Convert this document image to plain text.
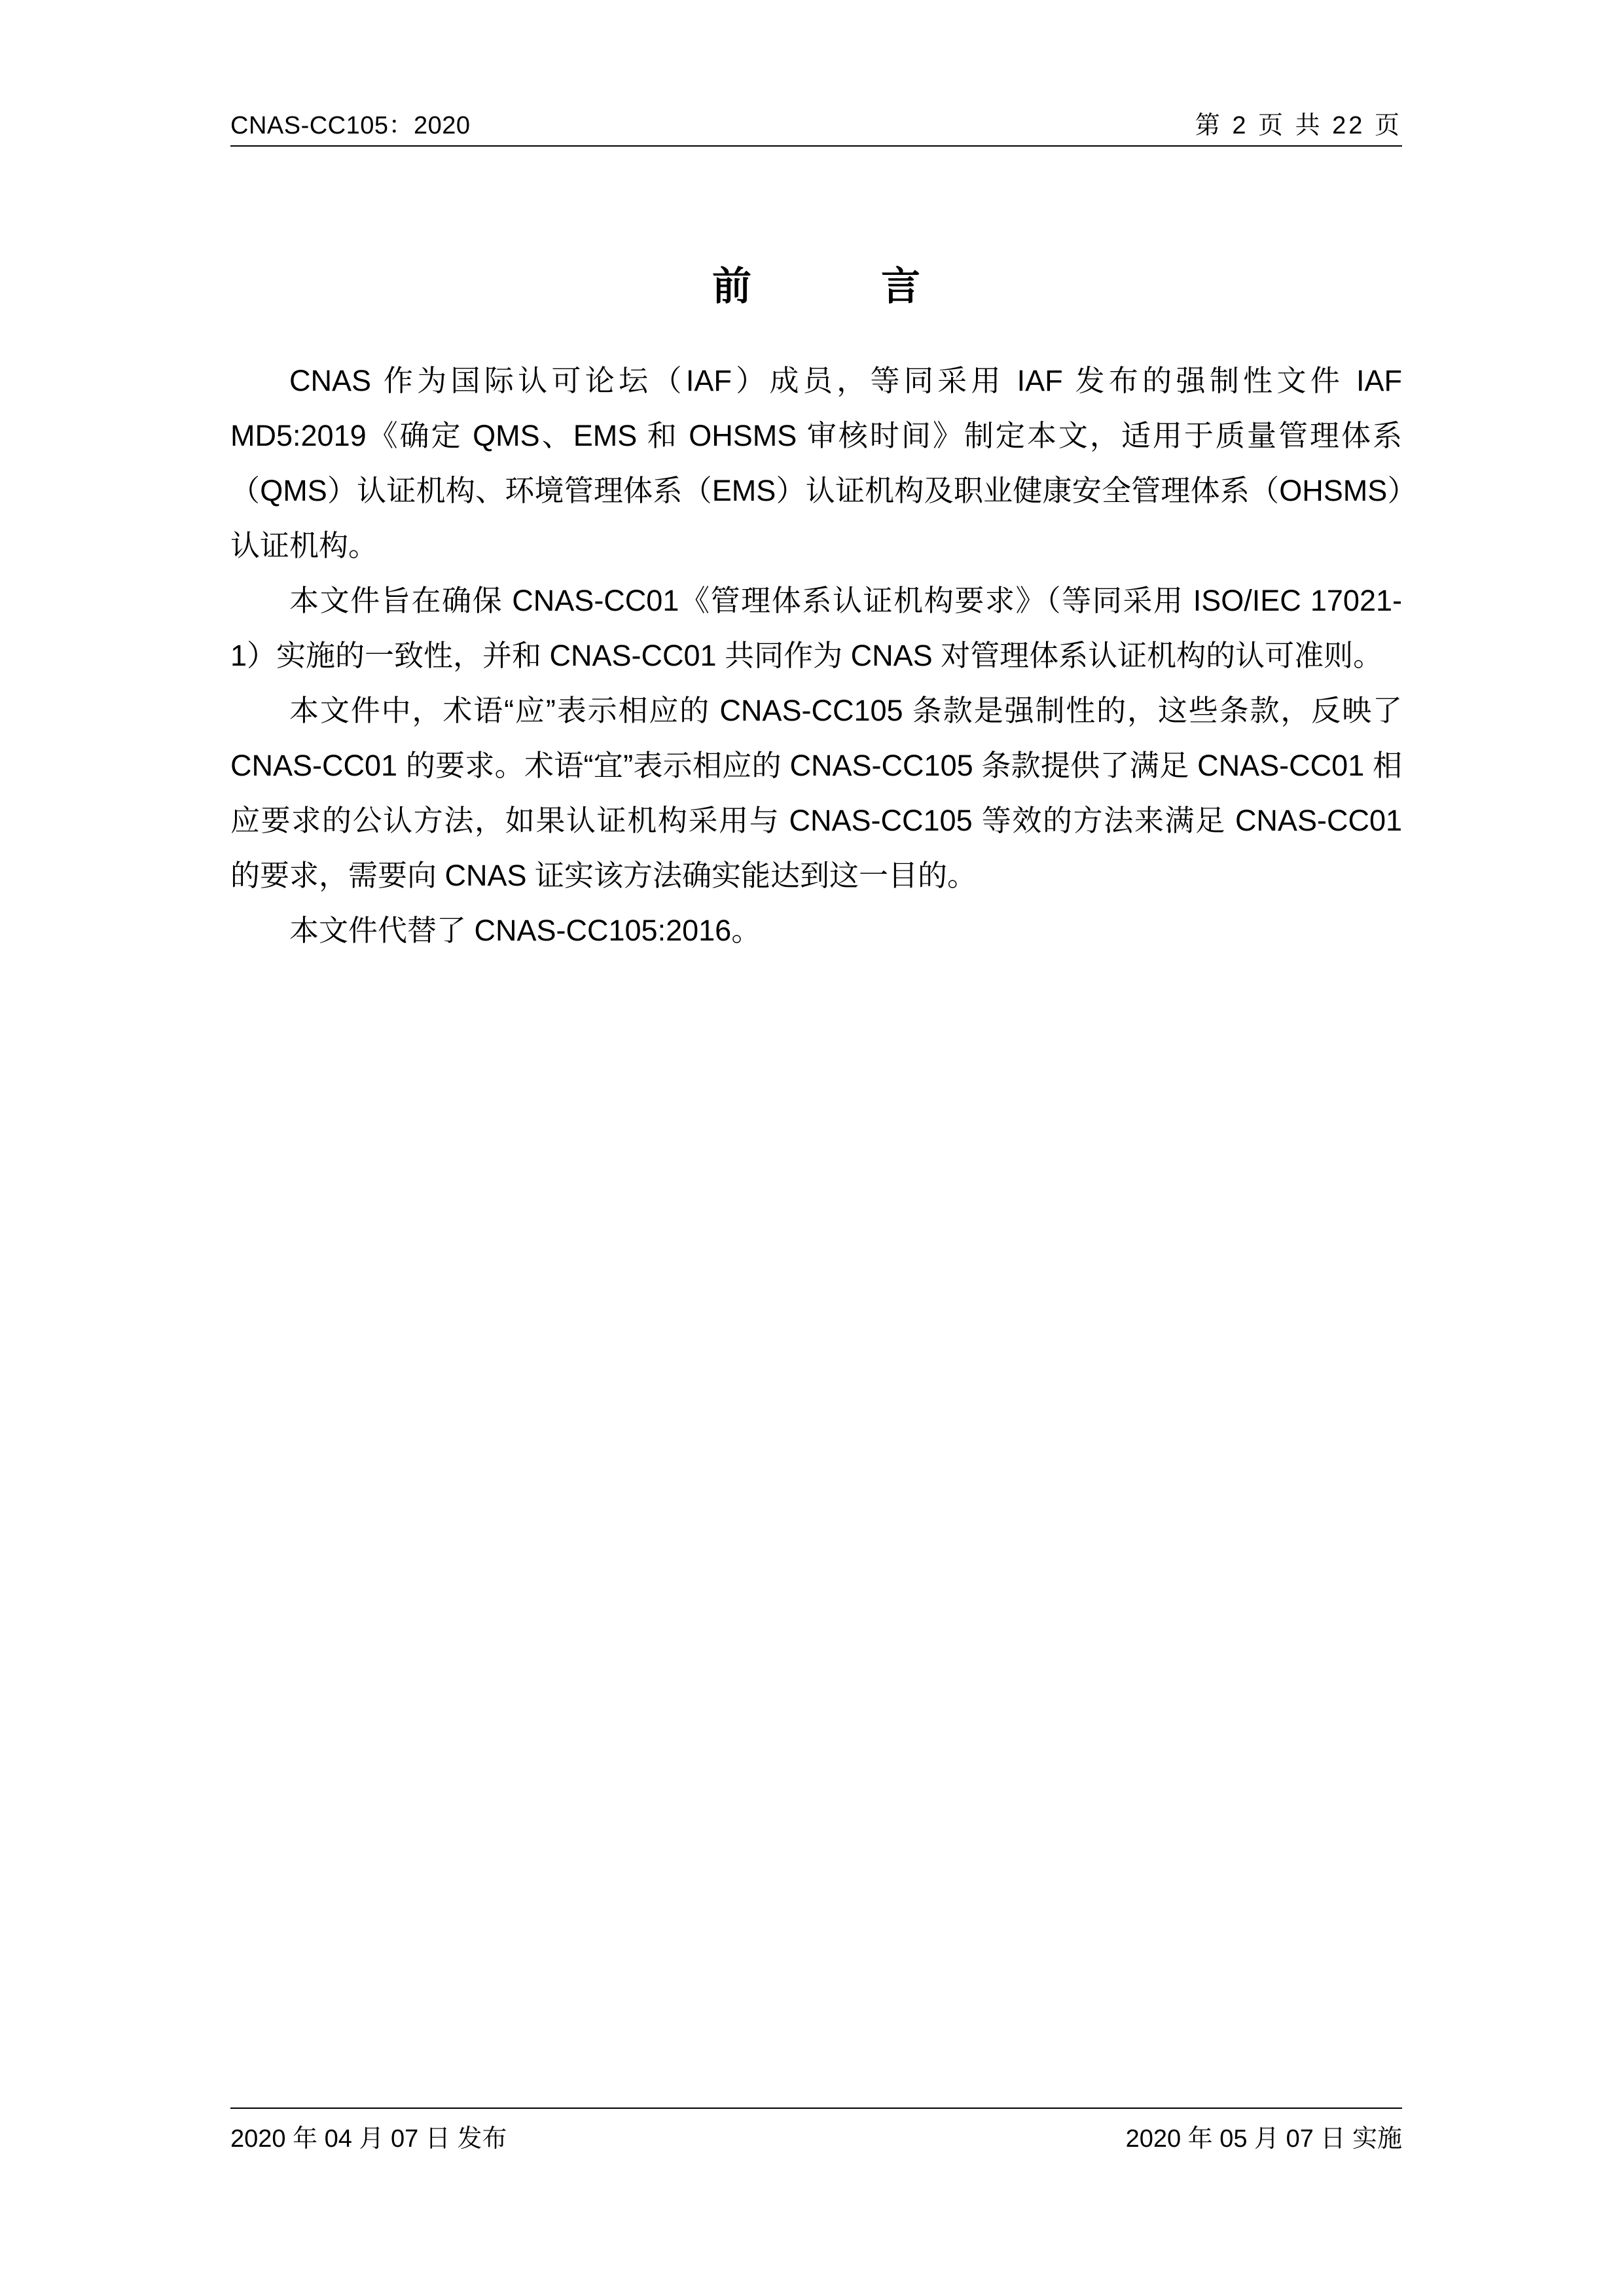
CNAS-CC105：2020	第 2 页 共 22 页
前　　言

CNAS 作为国际认可论坛（IAF）成员，等同采用 IAF 发布的强制性文件 IAF MD5:2019《确定 QMS、EMS 和 OHSMS 审核时间》制定本文，适用于质量管理体系（QMS）认证机构、环境管理体系（EMS）认证机构及职业健康安全管理体系（OHSMS）认证机构。

本文件旨在确保 CNAS-CC01《管理体系认证机构要求》（等同采用 ISO/IEC 17021-1）实施的一致性，并和 CNAS-CC01 共同作为 CNAS 对管理体系认证机构的认可准则。

本文件中，术语“应”表示相应的 CNAS-CC105 条款是强制性的，这些条款，反映了 CNAS-CC01 的要求。术语“宜”表示相应的 CNAS-CC105 条款提供了满足 CNAS-CC01 相应要求的公认方法，如果认证机构采用与 CNAS-CC105 等效的方法来满足 CNAS-CC01 的要求，需要向 CNAS 证实该方法确实能达到这一目的。

本文件代替了 CNAS-CC105:2016。

2020 年 04 月 07 日 发布	2020 年 05 月 07 日 实施
